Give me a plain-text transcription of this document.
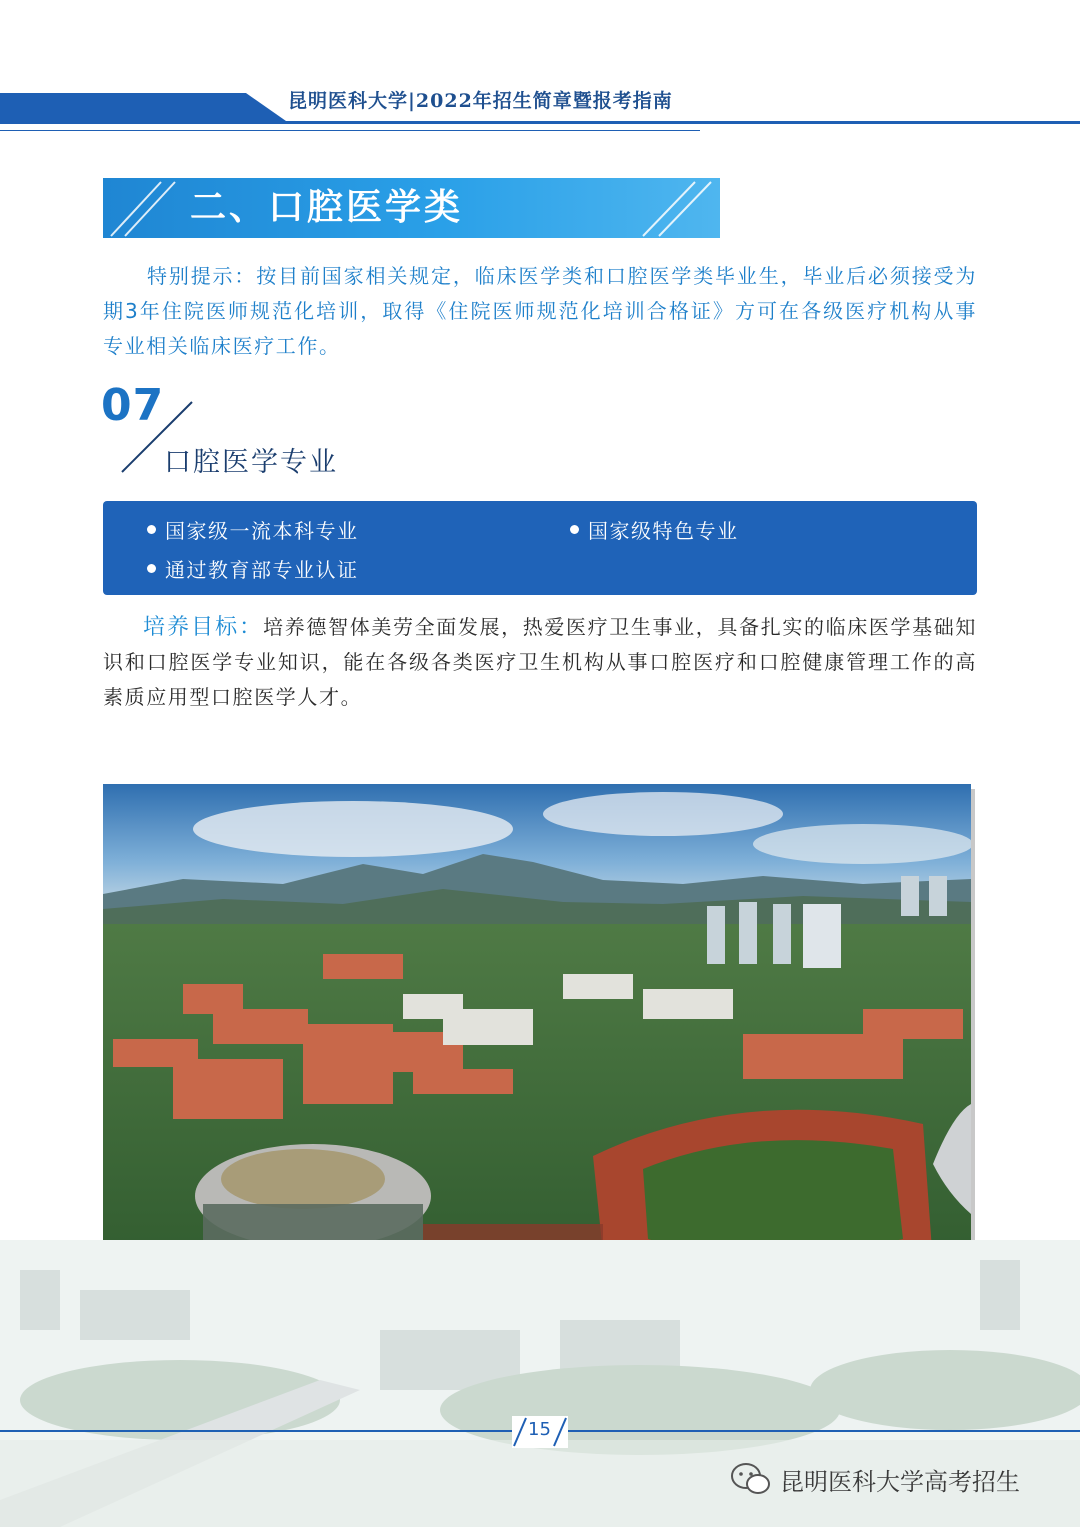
昆明医科大学|2022年招生简章暨报考指南
二、口腔医学类
特别提示：按目前国家相关规定，临床医学类和口腔医学类毕业生，毕业后必须接受为期3年住院医师规范化培训，取得《住院医师规范化培训合格证》方可在各级医疗机构从事专业相关临床医疗工作。
07
口腔医学专业
国家级一流本科专业	国家级特色专业
通过教育部专业认证
培养目标：培养德智体美劳全面发展，热爱医疗卫生事业，具备扎实的临床医学基础知识和口腔医学专业知识，能在各级各类医疗卫生机构从事口腔医疗和口腔健康管理工作的高素质应用型口腔医学人才。
15
昆明医科大学高考招生
